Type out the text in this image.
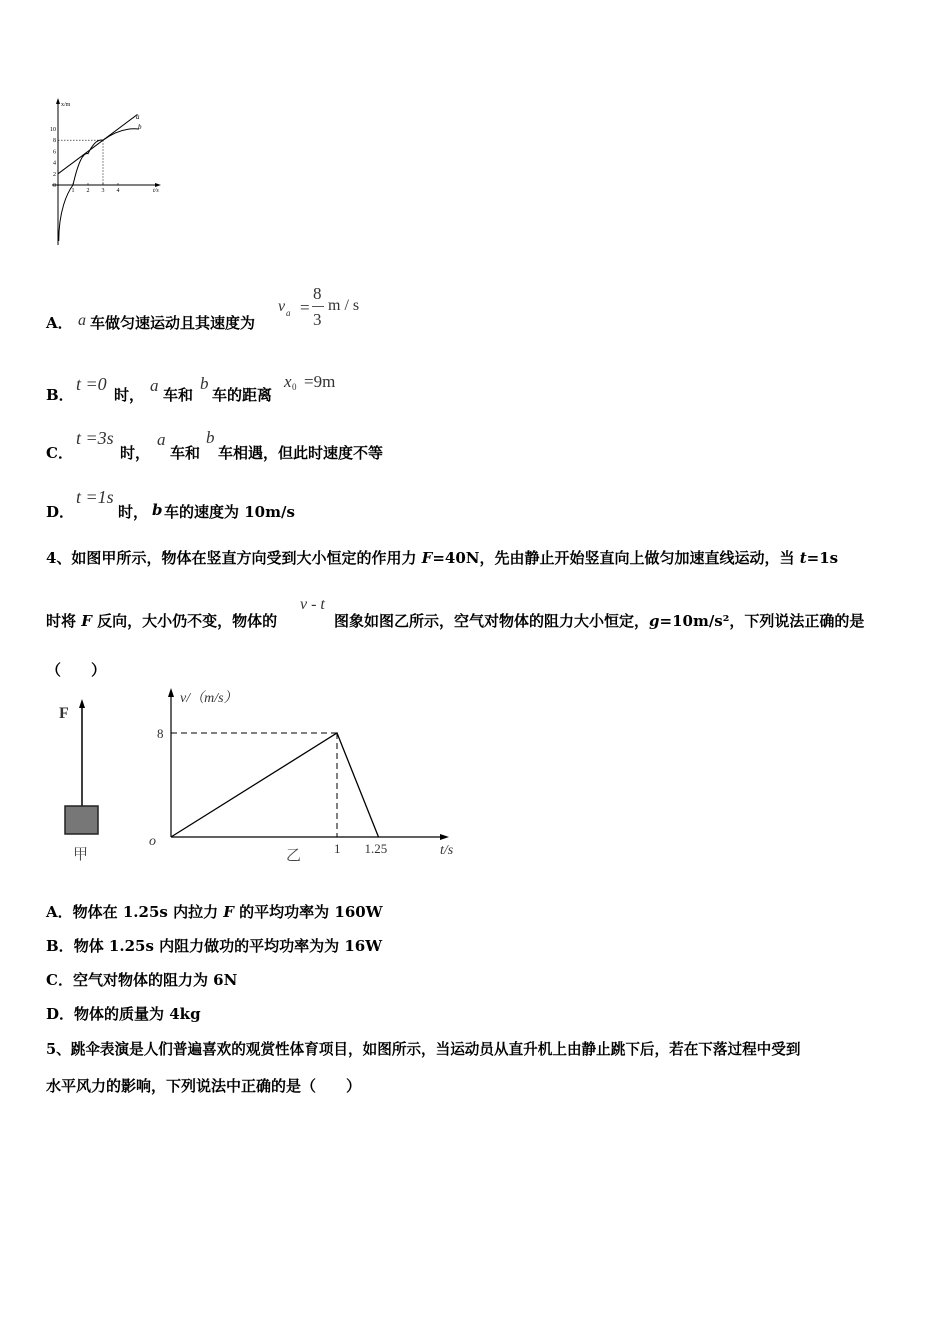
x/m
t/s
0
2
4
6
8
10
1 2 3 4
a
b
A． a 车做匀速运动且其速度为
v a =
8
3
m / s
B．
t =0
时， a 车和
b
车的距离
x 0 =9m
C．
t =3s
时，
a
车和
b
车相遇，但此时速度不等
D．
t =1s
时， b 车的速度为 10m/s
4、如图甲所示，物体在竖直方向受到大小恒定的作用力 F=40N，先由静止开始竖直向上做匀加速直线运动，当 t=1s
时将 F 反向，大小仍不变，物体的
v - t
图象如图乙所示，空气对物体的阻力大小恒定，g=10m/s²，下列说法正确的是
（　　）
F
甲
v/（m/s）
o
8
1 1.25	t/s
乙
A．物体在 1.25s 内拉力 F 的平均功率为 160W
B．物体 1.25s 内阻力做功的平均功率为为 16W
C．空气对物体的阻力为 6N
D．物体的质量为 4kg
5、跳伞表演是人们普遍喜欢的观赏性体育项目，如图所示，当运动员从直升机上由静止跳下后，若在下落过程中受到
水平风力的影响，下列说法中正确的是（　　）
